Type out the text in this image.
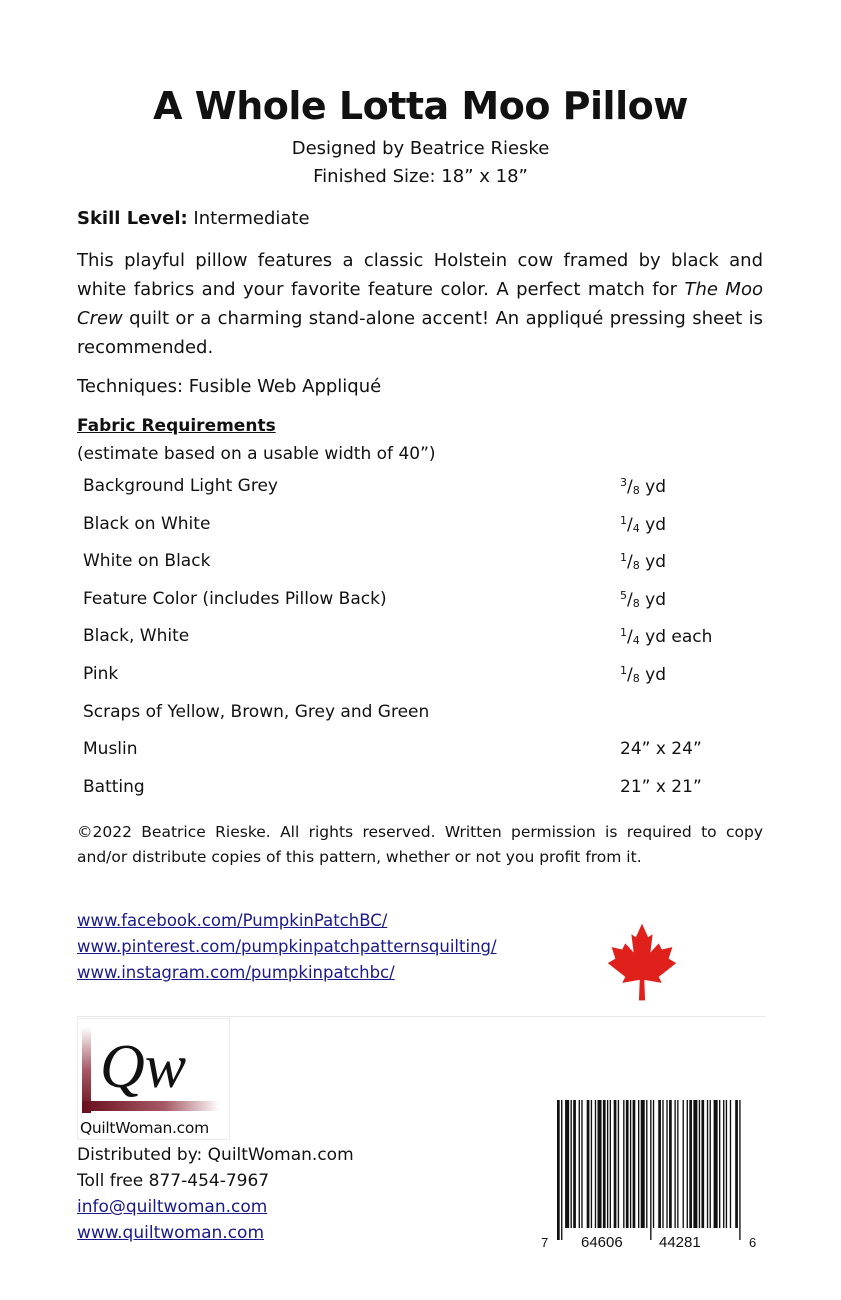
A Whole Lotta Moo Pillow
Designed by Beatrice Rieske
Finished Size: 18” x 18”
Skill Level: Intermediate
This playful pillow features a classic Holstein cow framed by black and white fabrics and your favorite feature color. A perfect match for The Moo Crew quilt or a charming stand-alone accent! An appliqué pressing sheet is recommended.
Techniques: Fusible Web Appliqué
Fabric Requirements
(estimate based on a usable width of 40”)
Background Light Grey	$^3/_8$ yd
Black on White	$^1/_4$ yd
White on Black	$^1/_8$ yd
Feature Color (includes Pillow Back)	$^5/_8$ yd
Black, White	$^1/_4$ yd each
Pink	$^1/_8$ yd
Scraps of Yellow, Brown, Grey and Green
Muslin	24” x 24”
Batting	21” x 21”
©2022 Beatrice Rieske. All rights reserved. Written permission is required to copy and/or distribute copies of this pattern, whether or not you profit from it.
www.facebook.com/PumpkinPatchBC/
www.pinterest.com/pumpkinpatchpatternsquilting/
www.instagram.com/pumpkinpatchbc/
Qw
QuiltWoman.com
Distributed by: QuiltWoman.com
Toll free 877-454-7967
info@quiltwoman.com
www.quiltwoman.com	7 64606 44281	6
